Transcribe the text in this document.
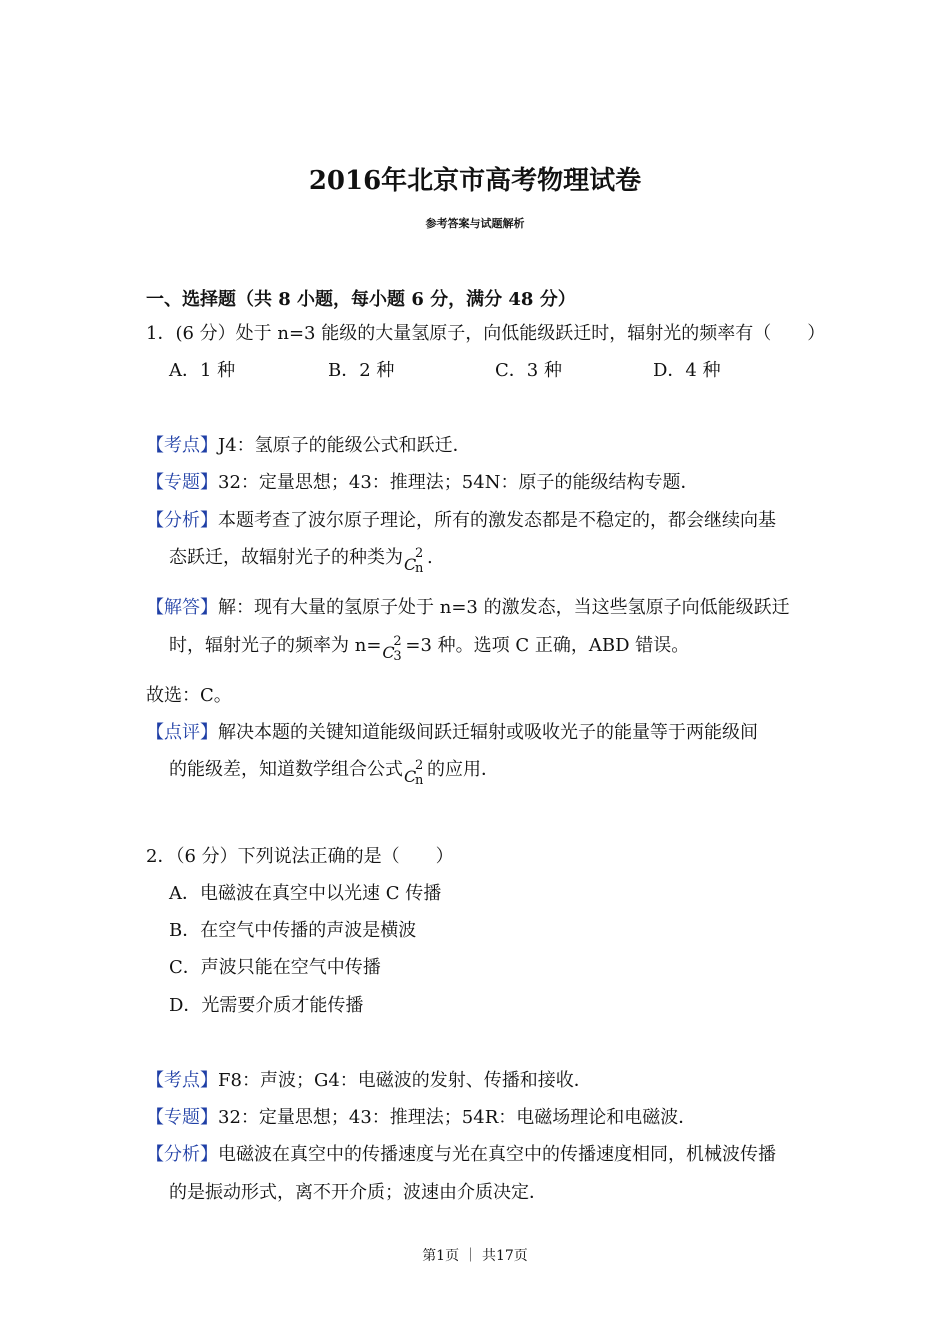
2016年北京市高考物理试卷
参考答案与试题解析
一、选择题（共 8 小题，每小题 6 分，满分 48 分）
1．(6 分）处于 n=3 能级的大量氢原子，向低能级跃迁时，辐射光的频率有（　　）
A．1 种	B．2 种	C．3 种	D．4 种
【考点】J4：氢原子的能级公式和跃迁．
【专题】32：定量思想；43：推理法；54N：原子的能级结构专题．
【分析】本题考查了波尔原子理论，所有的激发态都是不稳定的，都会继续向基
态跃迁，故辐射光子的种类为 C
2
n
.
【解答】解：现有大量的氢原子处于 n=3 的激发态，当这些氢原子向低能级跃迁
时，辐射光子的频率为 n= C
2
3
=3 种。选项 C 正确，ABD 错误。
故选：C。
【点评】解决本题的关键知道能级间跃迁辐射或吸收光子的能量等于两能级间
的能级差，知道数学组合公式 C
2
n
的应用．
2．（6 分）下列说法正确的是（　　）
A．电磁波在真空中以光速 C 传播
B．在空气中传播的声波是横波
C．声波只能在空气中传播
D．光需要介质才能传播
【考点】F8：声波；G4：电磁波的发射、传播和接收．
【专题】32：定量思想；43：推理法；54R：电磁场理论和电磁波．
【分析】电磁波在真空中的传播速度与光在真空中的传播速度相同，机械波传播
的是振动形式，离不开介质；波速由介质决定．
第1页 ｜ 共17页
